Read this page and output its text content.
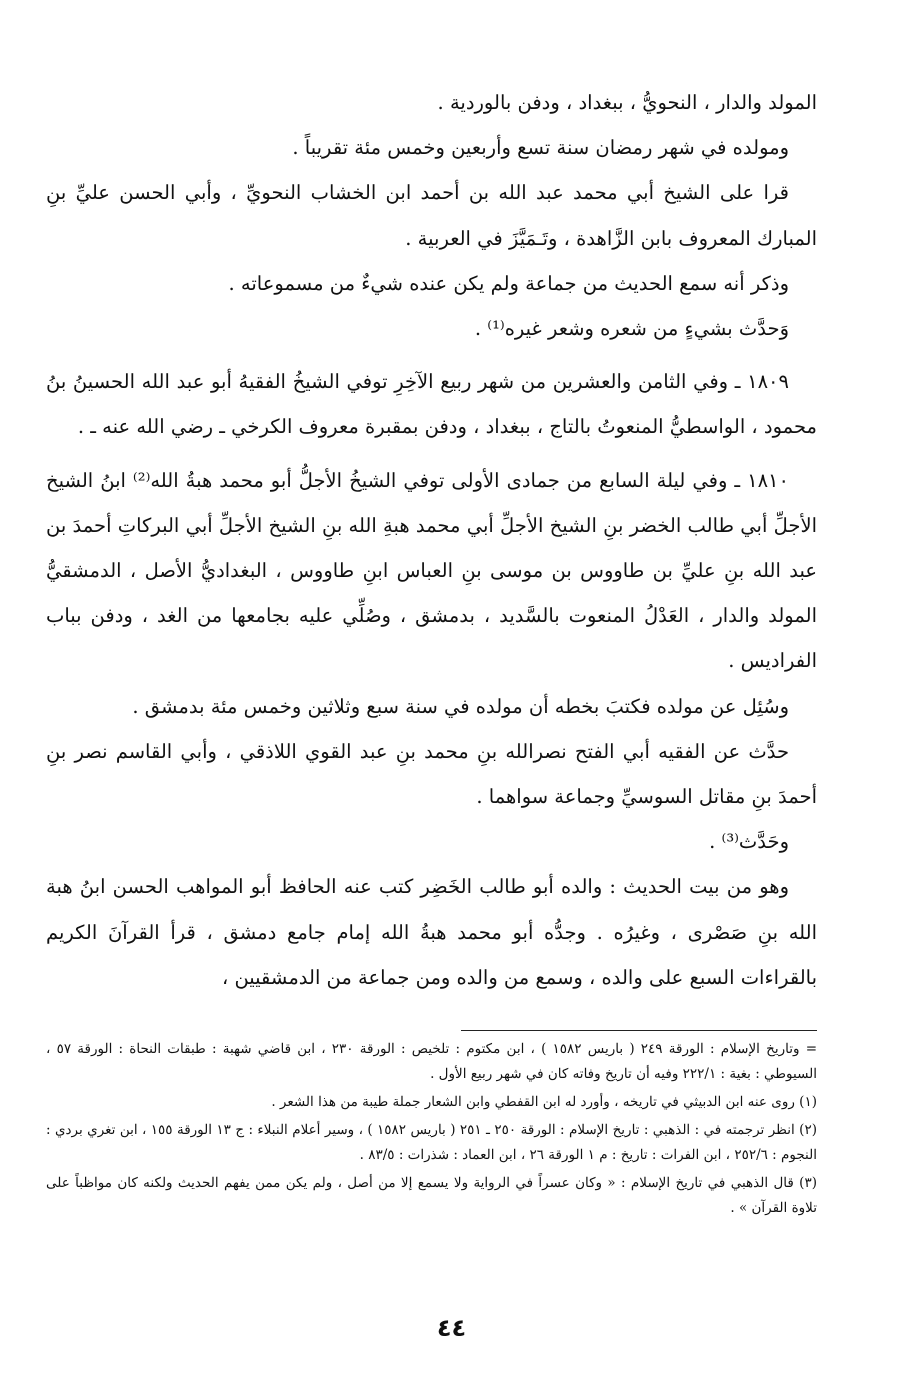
المولد والدار ، النحويُّ ، ببغداد ، ودفن بالوردية .

ومولده في شهر رمضان سنة تسع وأربعين وخمس مئة تقريباً .

قرا على الشيخ أبي محمد عبد الله بن أحمد ابن الخشاب النحويِّ ، وأبي الحسن عليِّ بنِ المبارك المعروف بابن الزَّاهدة ، وتَـمَيَّزَ في العربية .

وذكر أنه سمع الحديث من جماعة ولم يكن عنده شيءٌ من مسموعاته .

وَحدَّث بشيءٍ من شعره وشعر غيره⁽¹⁾ .

١٨٠٩ ـ وفي الثامن والعشرين من شهر ربيع الآخِرِ توفي الشيخُ الفقيهُ أبو عبد الله الحسينُ بنُ محمود ، الواسطيُّ المنعوتُ بالتاج ، ببغداد ، ودفن بمقبرة معروف الكرخي ـ رضي الله عنه ـ .

١٨١٠ ـ وفي ليلة السابع من جمادى الأولى توفي الشيخُ الأجلُّ أبو محمد هبةُ الله⁽²⁾ ابنُ الشيخ الأجلِّ أبي طالب الخضر بنِ الشيخ الأجلِّ أبي محمد هبةِ الله بنِ الشيخ الأجلِّ أبي البركاتِ أحمدَ بن عبد الله بنِ عليِّ بن طاووس بن موسى بنِ العباس ابنِ طاووس ، البغداديُّ الأصل ، الدمشقيُّ المولد والدار ، العَدْلُ المنعوت بالسَّديد ، بدمشق ، وصُلِّي عليه بجامعها من الغد ، ودفن بباب الفراديس .

وسُئِل عن مولده فكتبَ بخطه أن مولده في سنة سبع وثلاثين وخمس مئة بدمشق .

حدَّث عن الفقيه أبي الفتح نصرالله بنِ محمد بنِ عبد القوي اللاذقي ، وأبي القاسم نصر بنِ أحمدَ بنِ مقاتل السوسيِّ وجماعة سواهما .

وحَدَّث⁽³⁾ .

وهو من بيت الحديث : والده أبو طالب الخَضِر كتب عنه الحافظ أبو المواهب الحسن ابنُ هبة الله بنِ صَصْرى ، وغيرُه . وجدُّه أبو محمد هبةُ الله إمام جامع دمشق ، قرأ القرآنَ الكريم بالقراءات السبع على والده ، وسمع من والده ومن جماعة من الدمشقيين ،

= وتاريخ الإسلام : الورقة ٢٤٩ ( باريس ١٥٨٢ ) ، ابن مكتوم : تلخيص : الورقة ٢٣٠ ، ابن قاضي شهبة : طبقات النحاة : الورقة ٥٧ ، السيوطي : بغية : ٢٢٢/١ وفيه أن تاريخ وفاته كان في شهر ربيع الأول .

(١) روى عنه ابن الدبيثي في تاريخه ، وأورد له ابن القفطي وابن الشعار جملة طيبة من هذا الشعر .

(٢) انظر ترجمته في : الذهبي : تاريخ الإسلام : الورقة ٢٥٠ ـ ٢٥١ ( باريس ١٥٨٢ ) ، وسير أعلام النبلاء : ج ١٣ الورقة ١٥٥ ، ابن تغري بردي : النجوم : ٢٥٢/٦ ، ابن الفرات : تاريخ : م ١ الورقة ٢٦ ، ابن العماد : شذرات : ٨٣/٥ .

(٣) قال الذهبي في تاريخ الإسلام : « وكان عسراً في الرواية ولا يسمع إلا من أصل ، ولم يكن ممن يفهم الحديث ولكنه كان مواظباً على تلاوة القرآن » .

٤٤
